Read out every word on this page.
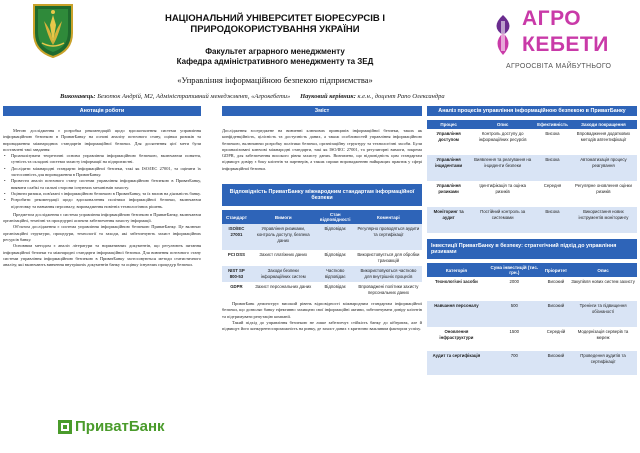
НАЦІОНАЛЬНИЙ УНІВЕРСИТЕТ БІОРЕСУРСІВ І ПРИРОДОКОРИСТУВАННЯ УКРАЇНИ
Факультет аграрного менеджменту
Кафедра адміністративного менеджменту та ЗЕД
«Управління інформаційною безпекою підприємства»
АГРО
КЕБЕТИ
АГРООСВІТА МАЙБУТНЬОГО
Виконавець: Безопюк Андрій, М2, Адміністративний менеджмент, «Агрокебети» Науковий керівник: к.е.н., доцент Рапо Олександра
Анотація роботи

Метою дослідження є розробка рекомендацій щодо вдосконалення системи управління інформаційною безпекою в ПриватБанку на основі аналізу поточного стану, оцінки ризиків та впровадження міжнародних стандартів інформаційної безпеки. Для досягнення цієї мети були поставлені такі завдання:

• Проаналізувати теоретичні основи управління інформаційною безпекою, включаючи поняття, сутність та складові системи захисту інформації на підприємстві.
• Дослідити міжнародні стандарти інформаційної безпеки, такі як ISO/IEC 27001, та оцінити їх застосовність для впровадження в ПриватБанку.
• Провести аналіз поточного стану системи управління інформаційною безпекою в ПриватБанку, виявити слабкі та сильні сторони існуючих механізмів захисту.
• Оцінити ризики, пов'язані з інформаційною безпекою в ПриватБанку, та їх вплив на діяльність банку.
• Розробити рекомендації щодо вдосконалення політики інформаційної безпеки, включаючи підготовку та навчання персоналу, впровадження новітніх технологічних рішень.

Предметом дослідження є система управління інформаційною безпекою в ПриватБанку, включаючи організаційні, технічні та процедурні аспекти забезпечення захисту інформації.

Об'єктом дослідження є система управління інформаційною безпекою ПриватБанку. Це включає організаційні структури, процедури, технології та заходи, які забезпечують захист інформаційних ресурсів банку.

Основним методом є аналіз літератури та нормативних документів, що регулюють питання інформаційної безпеки та міжнародні стандарти інформаційної безпеки. Для вивчення поточного стану системи управління інформаційною безпекою в ПриватБанку застосовуються методи статистичного аналізу, які включають вивчення внутрішніх документів банку та оцінку існуючих процедур безпеки.

ПриватБанк
Зміст
Дослідження зосереджене на вивченні ключових принципів інформаційної безпеки, таких як конфіденційність, цілісність та доступність даних, а також особливостей управління інформаційною безпекою, включаючи розробку політики безпеки, організаційну структуру та технологічні засоби. Були проаналізовані ключові міжнародні стандарти, такі як ISO/IEC 27001, та регуляторні вимоги, зокрема GDPR, для забезпечення високого рівня захисту даних. Визначено, що відповідність цим стандартам підвищує довіру з боку клієнтів та партнерів, а також сприяє впровадженню найкращих практик у сфері інформаційної безпеки.
Відповідність ПриватБанку міжнародним стандартам інформаційної безпеки
Стандарт	Вимоги	Стан відповідності	Коментарі
ISO/IEC 27001	Управління ризиками, контроль доступу, безпека даних	Відповідає	Регулярно проводяться аудити та сертифікації
PCI DSS	Захист платіжних даних	Відповідає	Використовується для обробки транзакцій
NIST SP 800-53	Заходи безпеки інформаційних систем	Частково відповідає	Використовуються частково для внутрішніх процесів
GDPR	Захист персональних даних	Відповідає	Впроваджені політики захисту персональних даних

ПриватБанк демонструє високий рівень відповідності міжнародним стандартам інформаційної безпеки, що дозволяє банку ефективно захищати свої інформаційні активи, забезпечувати довіру клієнтів та підтримувати репутацію компанії.

Такий підхід до управління безпекою не лише забезпечує стійкість банку до кібератак, але й підвищує його конкурентоспроможність на ринку, де захист даних є критично важливим фактором успіху.

Аналіз процесів управління інформаційною безпекою в ПриватБанку
Процес	Опис	Ефективність	Заходи покращення
Управління доступом	Контроль доступу до інформаційних ресурсів	Висока	Впровадження додаткових методів автентифікації
Управління інцидентами	Виявлення та реагування на інциденти безпеки	Висока	Автоматизація процесу реагування
Управління ризиками	Ідентифікація та оцінка ризиків	Середня	Регулярне оновлення оцінки ризиків
Моніторинг та аудит	Постійний контроль за системами	Висока	Використання нових інструментів моніторингу
Інвестиції ПриватБанку в безпеку: стратегічний підхід до управління ризиками
Категорія	Сума інвестицій (тис. грн.)	Пріоритет	Опис
Технологічні засоби	2000	Високий	Закупівля нових систем захисту
Навчання персоналу	500	Високий	Тренінги та підвищення обізнаності
Оновлення інфраструктури	1500	Середній	Модернізація серверів та мереж
Аудит та сертифікація	700	Високий	Проведення аудитів та сертифікації
